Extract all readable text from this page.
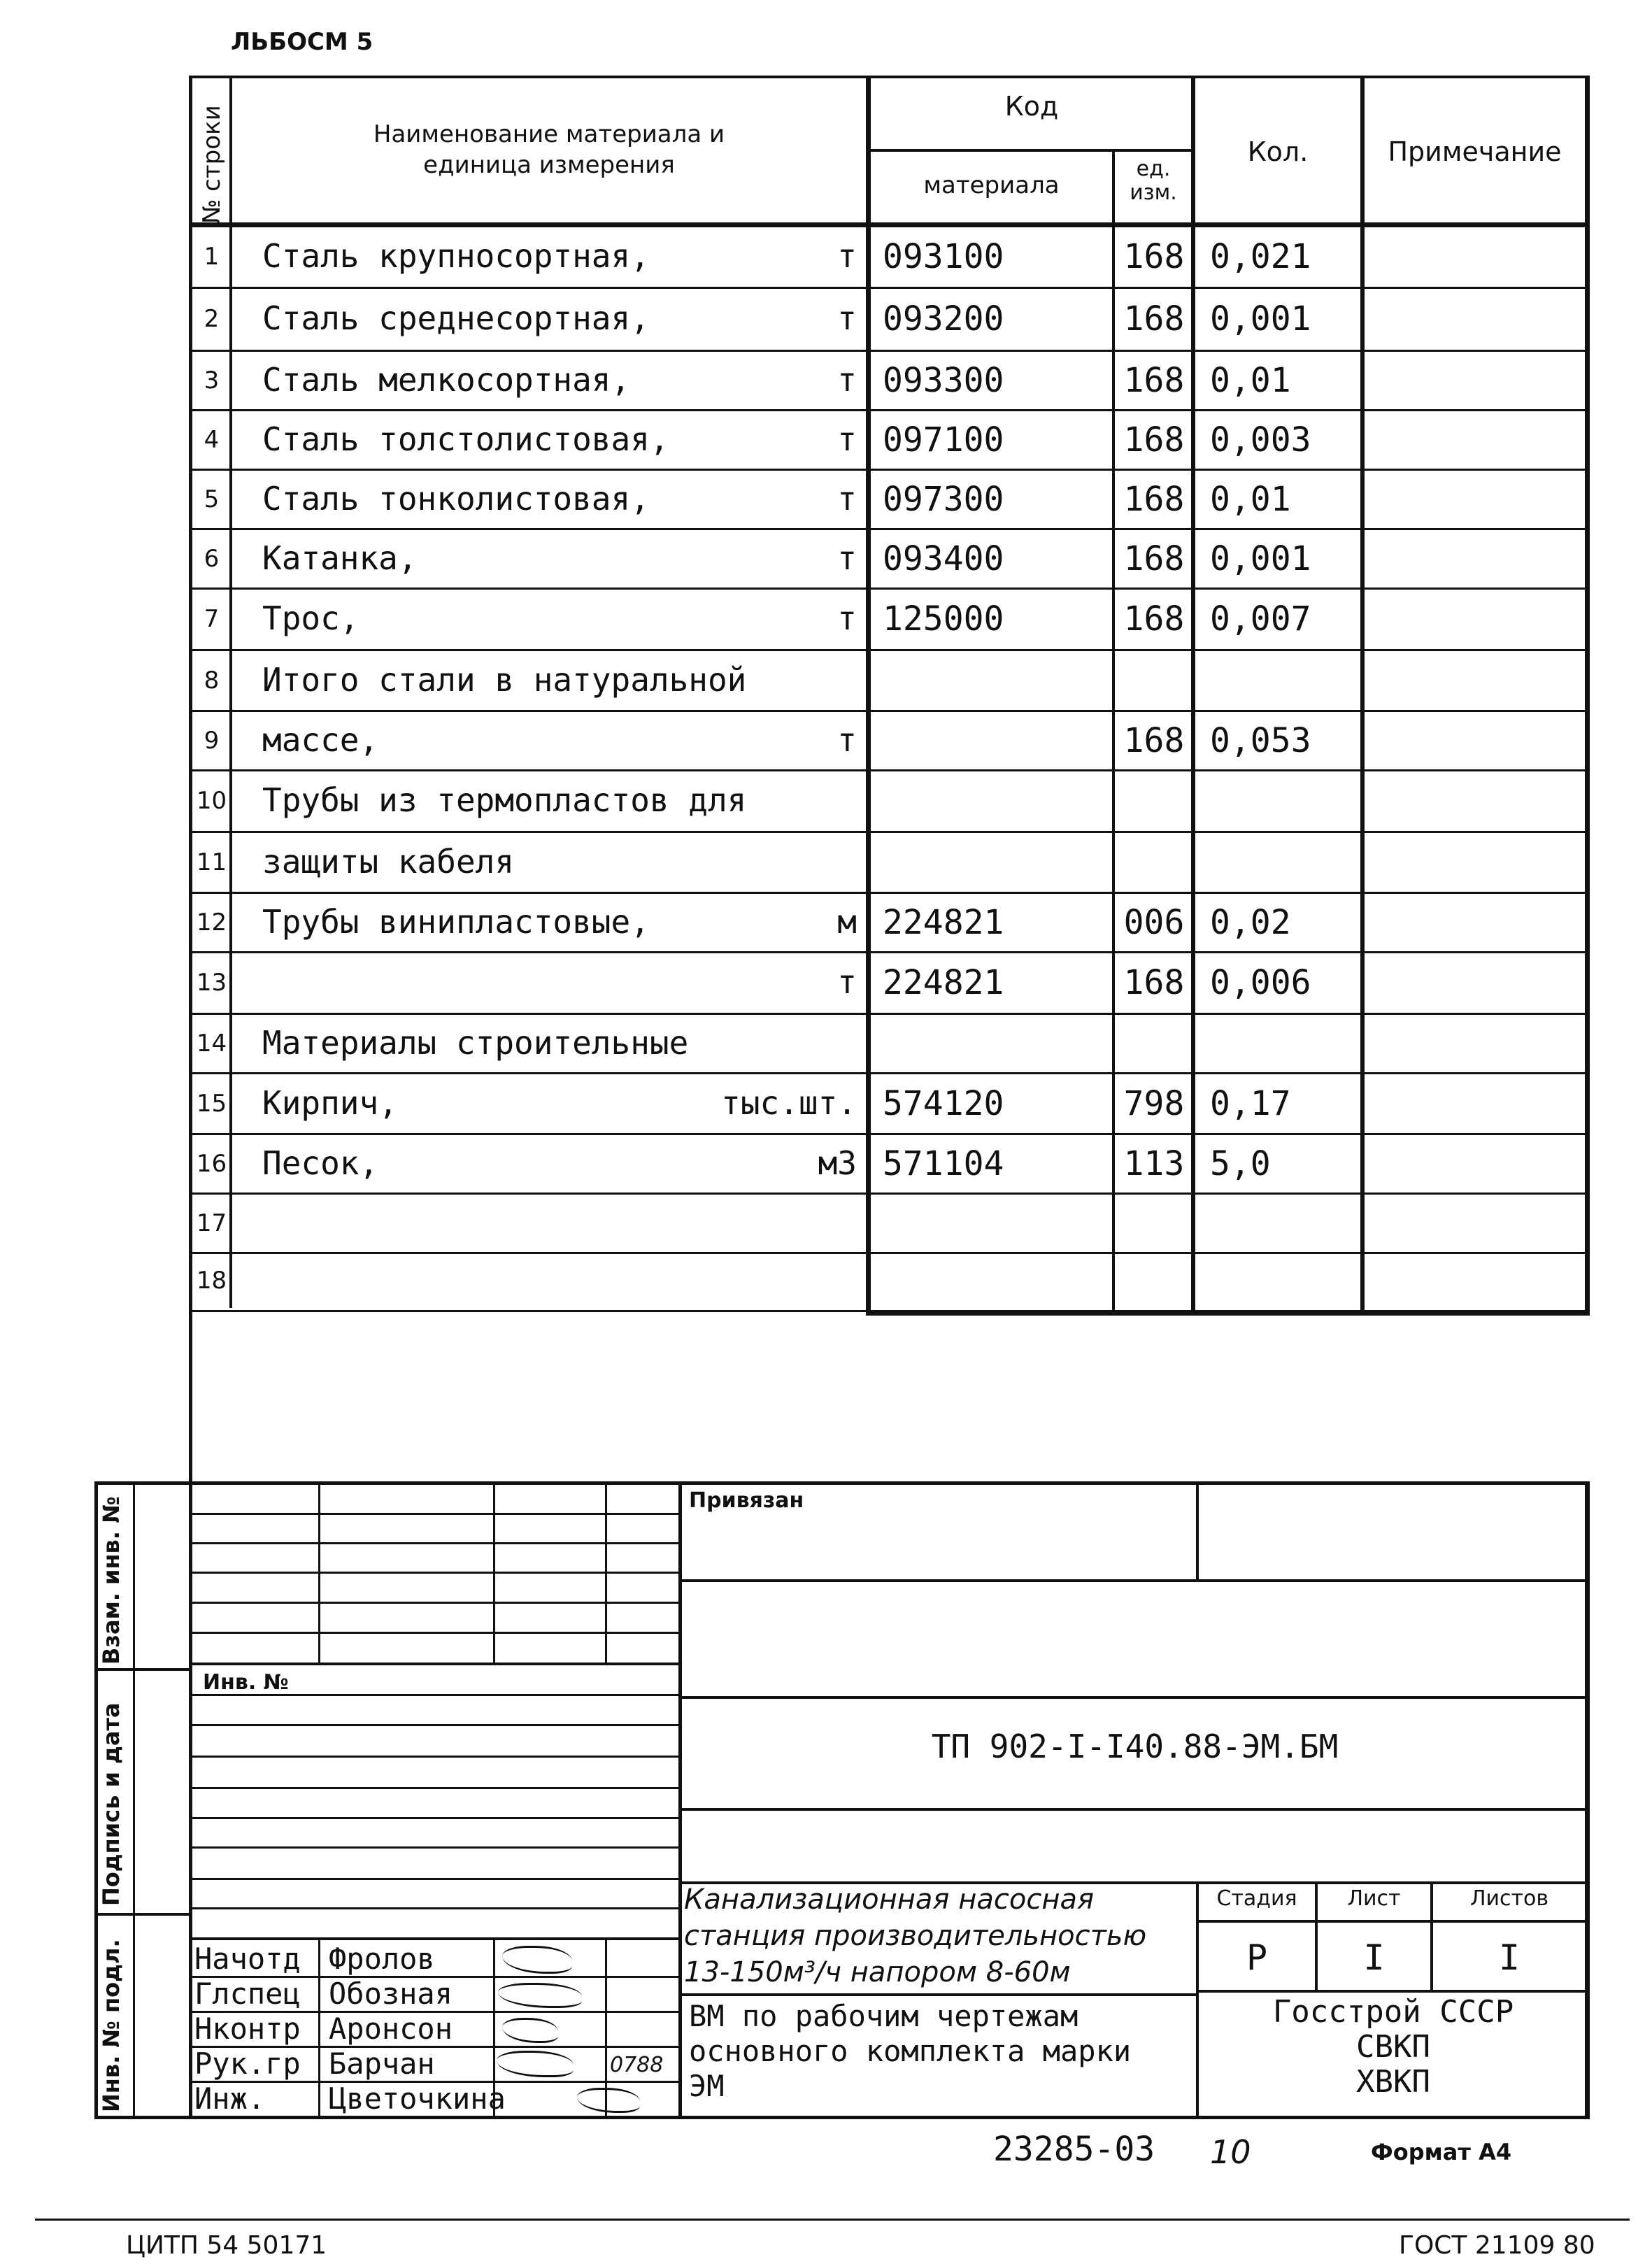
ЛЬБОСМ 5
№ строки	Наименование материала и
единица измерения
Код
материала
ед.
изм.
Кол.	Примечание
1	Сталь крупносортная,	т 093100	168 0,021
2	Сталь среднесортная,	т 093200	168 0,001
3	Сталь мелкосортная,	т 093300	168 0,01
4	Сталь толстолистовая,	т 097100	168 0,003
5	Сталь тонколистовая,	т 097300	168 0,01
6	Катанка,	т 093400	168 0,001
7	Трос,	т 125000	168 0,007
8	Итого стали в натуральной
9	массе,	т	168 0,053
10 Трубы из термопластов для
11 защиты кабеля
12 Трубы винипластовые,	м 224821	006 0,02
13	т 224821	168 0,006
14 Материалы строительные
15 Кирпич,	тыс.шт. 574120	798 0,17
16 Песок,	м3 571104	113 5,0
17
18
Взам. инв. №
Подпись и дата
Инв. № подл.
Инв. №
Привязан
ТП 902-I-I40.88-ЭМ.БМ
Канализационная насосная
станция производительностью
13-150м³/ч напором 8-60м
ВМ по рабочим чертежам
основного комплекта марки
ЭМ
Стадия	Лист	Листов
Р	I	I
Госстрой СССР
СВКП
ХВКП
Начотд Фролов
Глспец Обозная
Нконтр Аронсон
Рук.гр Барчан
Инж. Цветочкина
0788
23285-03 10	Формат А4
ЦИТП 54 50171	ГОСТ 21109 80
